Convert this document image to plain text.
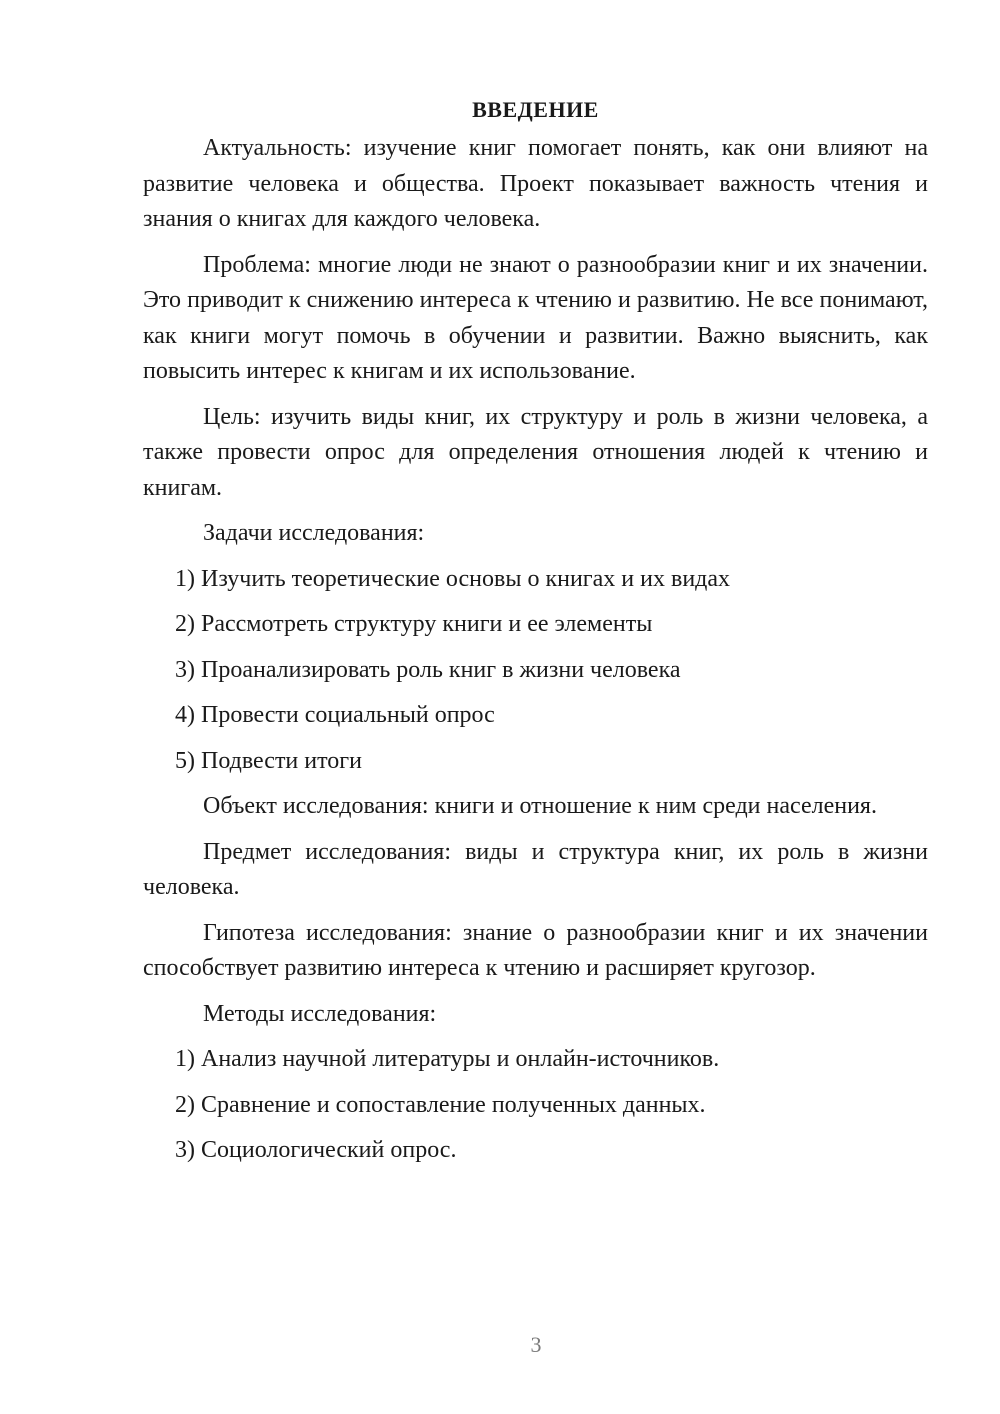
ВВЕДЕНИЕ

Актуальность: изучение книг помогает понять, как они влияют на развитие человека и общества. Проект показывает важность чтения и знания о книгах для каждого человека.

Проблема: многие люди не знают о разнообразии книг и их значении. Это приводит к снижению интереса к чтению и развитию. Не все понимают, как книги могут помочь в обучении и развитии. Важно выяснить, как повысить интерес к книгам и их использование.

Цель: изучить виды книг, их структуру и роль в жизни человека, а также провести опрос для определения отношения людей к чтению и книгам.

Задачи исследования:

1) Изучить теоретические основы о книгах и их видах

2) Рассмотреть структуру книги и ее элементы

3) Проанализировать роль книг в жизни человека

4) Провести социальный опрос

5) Подвести итоги

Объект исследования: книги и отношение к ним среди населения.

Предмет исследования: виды и структура книг, их роль в жизни человека.

Гипотеза исследования: знание о разнообразии книг и их значении способствует развитию интереса к чтению и расширяет кругозор.

Методы исследования:

1) Анализ научной литературы и онлайн-источников.

2) Сравнение и сопоставление полученных данных.

3) Социологический опрос.

3
